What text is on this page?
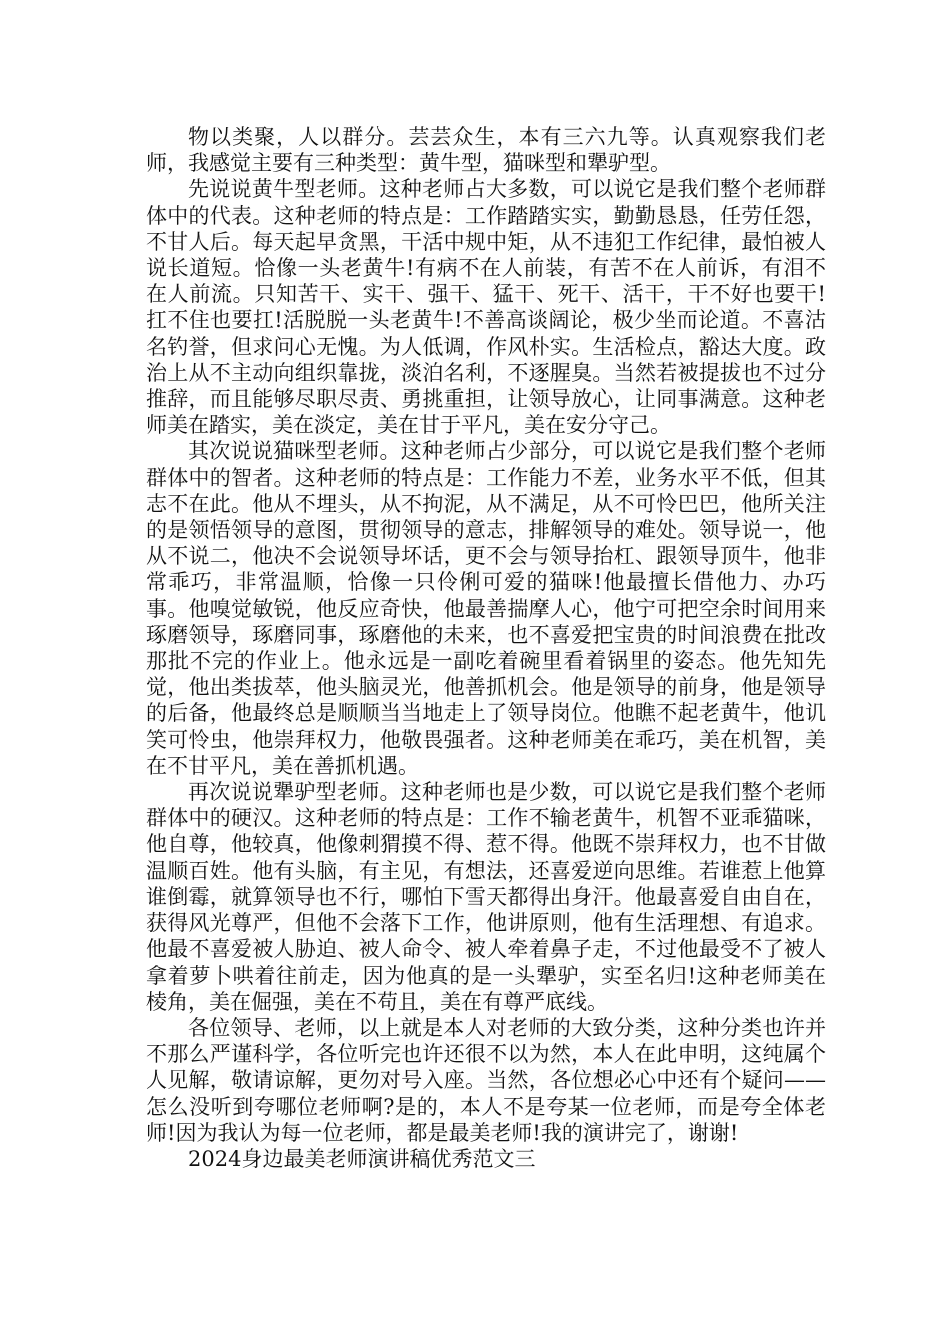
物以类聚，人以群分。芸芸众生，本有三六九等。认真观察我们老师，我感觉主要有三种类型：黄牛型，猫咪型和犟驴型。

先说说黄牛型老师。这种老师占大多数，可以说它是我们整个老师群体中的代表。这种老师的特点是：工作踏踏实实，勤勤恳恳，任劳任怨，不甘人后。每天起早贪黑，干活中规中矩，从不违犯工作纪律，最怕被人说长道短。恰像一头老黄牛!有病不在人前装，有苦不在人前诉，有泪不在人前流。只知苦干、实干、强干、猛干、死干、活干，干不好也要干!扛不住也要扛!活脱脱一头老黄牛!不善高谈阔论，极少坐而论道。不喜沽名钓誉，但求问心无愧。为人低调，作风朴实。生活检点，豁达大度。政治上从不主动向组织靠拢，淡泊名利，不逐腥臭。当然若被提拔也不过分推辞，而且能够尽职尽责、勇挑重担，让领导放心，让同事满意。这种老师美在踏实，美在淡定，美在甘于平凡，美在安分守己。

其次说说猫咪型老师。这种老师占少部分，可以说它是我们整个老师群体中的智者。这种老师的特点是：工作能力不差，业务水平不低，但其志不在此。他从不埋头，从不拘泥，从不满足，从不可怜巴巴，他所关注的是领悟领导的意图，贯彻领导的意志，排解领导的难处。领导说一，他从不说二，他决不会说领导坏话，更不会与领导抬杠、跟领导顶牛，他非常乖巧，非常温顺，恰像一只伶俐可爱的猫咪!他最擅长借他力、办巧事。他嗅觉敏锐，他反应奇快，他最善揣摩人心，他宁可把空余时间用来琢磨领导，琢磨同事，琢磨他的未来，也不喜爱把宝贵的时间浪费在批改那批不完的作业上。他永远是一副吃着碗里看着锅里的姿态。他先知先觉，他出类拔萃，他头脑灵光，他善抓机会。他是领导的前身，他是领导的后备，他最终总是顺顺当当地走上了领导岗位。他瞧不起老黄牛，他讥笑可怜虫，他崇拜权力，他敬畏强者。这种老师美在乖巧，美在机智，美在不甘平凡，美在善抓机遇。

再次说说犟驴型老师。这种老师也是少数，可以说它是我们整个老师群体中的硬汉。这种老师的特点是：工作不输老黄牛，机智不亚乖猫咪，他自尊，他较真，他像刺猬摸不得、惹不得。他既不崇拜权力，也不甘做温顺百姓。他有头脑，有主见，有想法，还喜爱逆向思维。若谁惹上他算谁倒霉，就算领导也不行，哪怕下雪天都得出身汗。他最喜爱自由自在，获得风光尊严，但他不会落下工作，他讲原则，他有生活理想、有追求。他最不喜爱被人胁迫、被人命令、被人牵着鼻子走，不过他最受不了被人拿着萝卜哄着往前走，因为他真的是一头犟驴，实至名归!这种老师美在棱角，美在倔强，美在不苟且，美在有尊严底线。

各位领导、老师，以上就是本人对老师的大致分类，这种分类也许并不那么严谨科学，各位听完也许还很不以为然，本人在此申明，这纯属个人见解，敬请谅解，更勿对号入座。当然，各位想必心中还有个疑问——怎么没听到夸哪位老师啊?是的，本人不是夸某一位老师，而是夸全体老师!因为我认为每一位老师，都是最美老师!我的演讲完了，谢谢!

2024身边最美老师演讲稿优秀范文三
